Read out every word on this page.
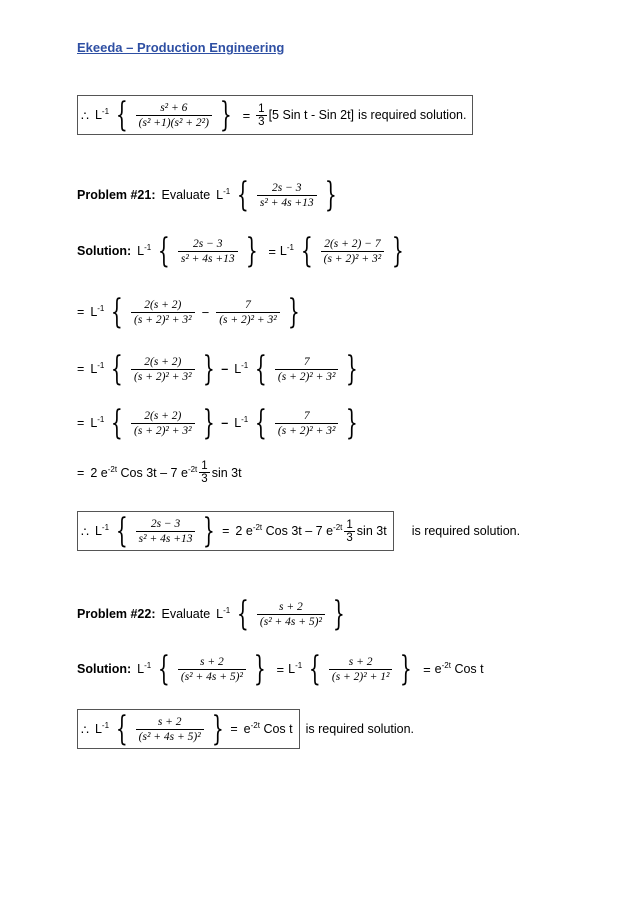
Ekeeda – Production Engineering
∴ $L^{-1}$ { $\frac{\text{s² + 6}}{\text{(s² +1)(s² + 2²)}}$ } = $\frac{1}{3} [5$ Sin t - Sin 2t] is required solution.
Problem #21: Evaluate $L^{-1}$ { $\frac{2s - 3}{\text{s² + 4s +13}}$ }
Solution: $L^{-1}$ { $\frac{2s - 3}{\text{s² + 4s +13}}$ } = $L^{-1}$ { $\frac{2(s + 2) - 7}{\text{(s + 2)² + 3²}}$ }
= $L^{-1}$ { $\frac{2(s + 2)}{\text{(s + 2)² + 3²}} - \frac{7}{\text{(s + 2)² + 3²}}$ }
= $L^{-1}$ { $\frac{2(s + 2)}{\text{(s + 2)² + 3²}}$ } – $L^{-1}$ { $\frac{7}{\text{(s + 2)² + 3²}}$ }
= $L^{-1}$ { $\frac{2(s + 2)}{\text{(s + 2)² + 3²}}$ } – $L^{-1}$ { $\frac{7}{\text{(s + 2)² + 3²}}$ }
= 2 $e^{-2t}$ Cos 3t – 7 $e^{-2t} \frac{1}{3}$ sin 3t
∴ $L^{-1}$ { $\frac{2s - 3}{\text{s² + 4s +13}}$ } = 2 $e^{-2t}$ Cos 3t – 7 $e^{-2t} \frac{1}{3}$ sin 3t is required solution.
Problem #22: Evaluate $L^{-1}$ { $\frac{s + 2}{\text{(s² + 4s + 5)²}}$ }
Solution: $L^{-1}$ { $\frac{s + 2}{\text{(s² + 4s + 5)²}}$ } = $L^{-1}$ { $\frac{s + 2}{\text{(s + 2)² + 1²}}$ } = $e^{-2t}$ Cos t
∴ $L^{-1}$ { $\frac{s + 2}{\text{(s² + 4s + 5)²}}$ } = $e^{-2t}$ Cos t is required solution.
